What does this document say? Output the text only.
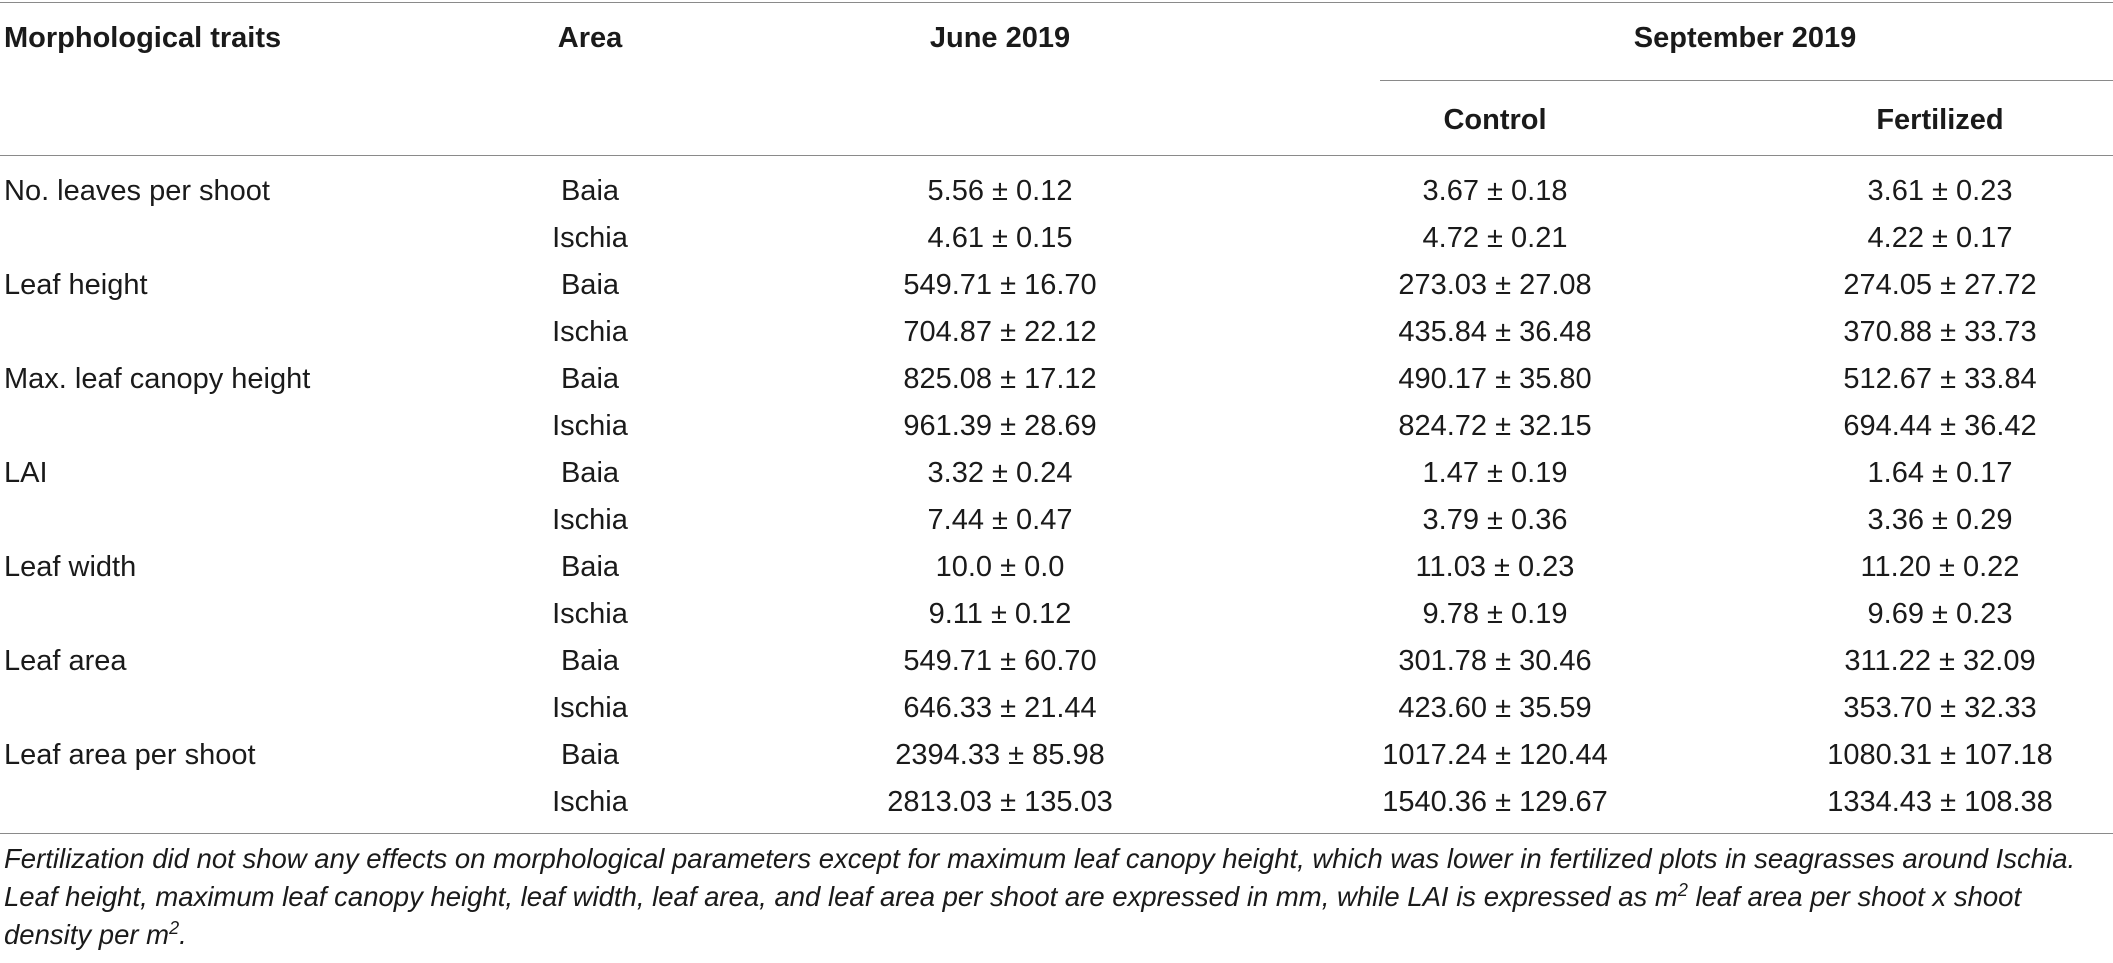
Morphological traits	Area	June 2019	September 2019
Control	Fertilized
No. leaves per shoot	Baia	5.56 ± 0.12	3.67 ± 0.18	3.61 ± 0.23
Ischia	4.61 ± 0.15	4.72 ± 0.21	4.22 ± 0.17
Leaf height	Baia	549.71 ± 16.70	273.03 ± 27.08	274.05 ± 27.72
Ischia	704.87 ± 22.12	435.84 ± 36.48	370.88 ± 33.73
Max. leaf canopy height	Baia	825.08 ± 17.12	490.17 ± 35.80	512.67 ± 33.84
Ischia	961.39 ± 28.69	824.72 ± 32.15	694.44 ± 36.42
LAI	Baia	3.32 ± 0.24	1.47 ± 0.19	1.64 ± 0.17
Ischia	7.44 ± 0.47	3.79 ± 0.36	3.36 ± 0.29
Leaf width	Baia	10.0 ± 0.0	11.03 ± 0.23	11.20 ± 0.22
Ischia	9.11 ± 0.12	9.78 ± 0.19	9.69 ± 0.23
Leaf area	Baia	549.71 ± 60.70	301.78 ± 30.46	311.22 ± 32.09
Ischia	646.33 ± 21.44	423.60 ± 35.59	353.70 ± 32.33
Leaf area per shoot	Baia	2394.33 ± 85.98	1017.24 ± 120.44	1080.31 ± 107.18
Ischia	2813.03 ± 135.03	1540.36 ± 129.67	1334.43 ± 108.38
Fertilization did not show any effects on morphological parameters except for maximum leaf canopy height, which was lower in fertilized plots in seagrasses around Ischia.
Leaf height, maximum leaf canopy height, leaf width, leaf area, and leaf area per shoot are expressed in mm, while LAI is expressed as $m^2$ leaf area per shoot x shoot
density per $m^2$.
